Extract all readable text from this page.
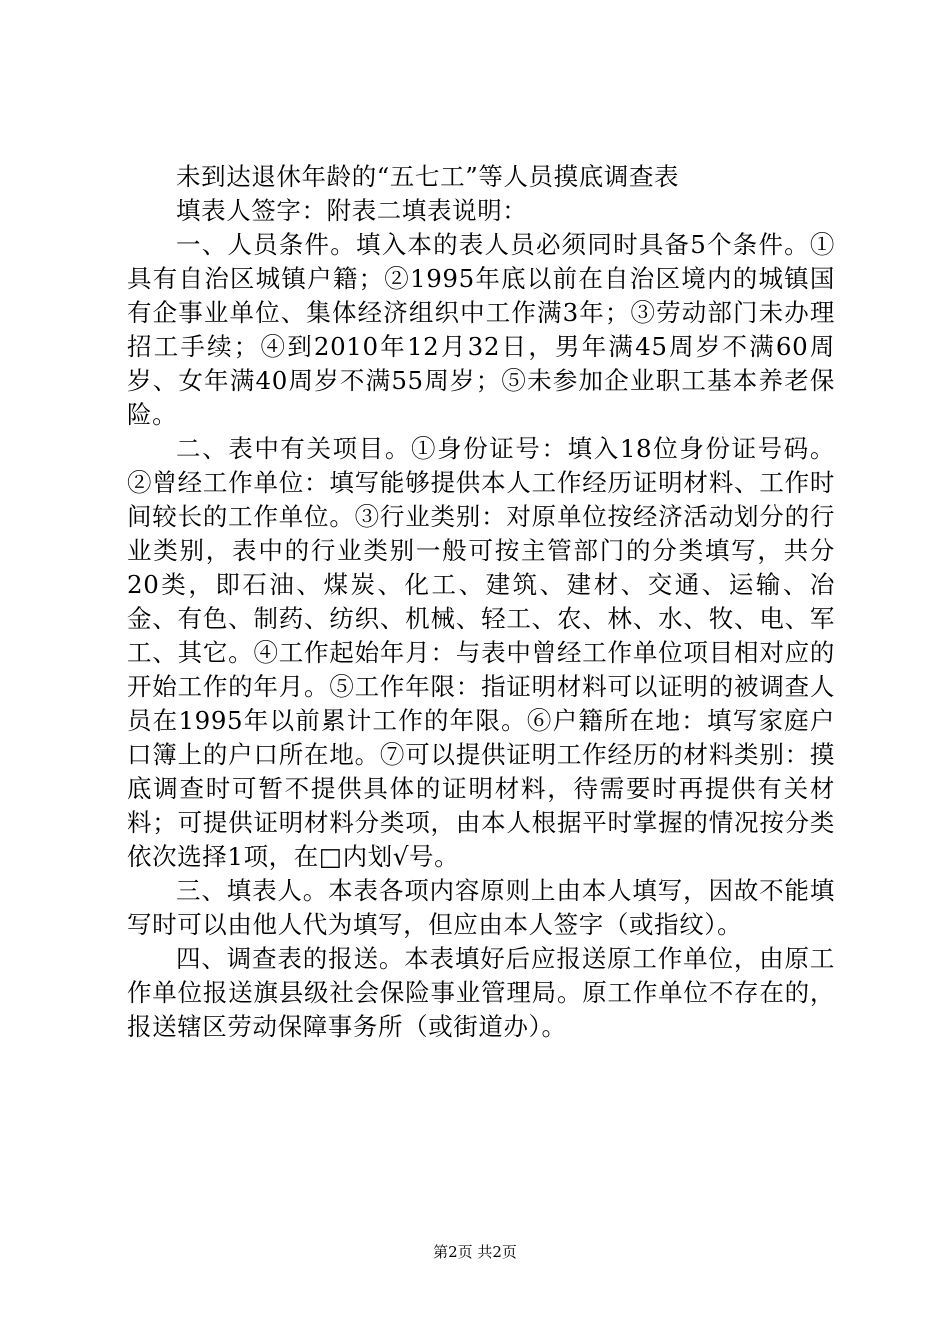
未到达退休年龄的“五七工”等人员摸底调查表

填表人签字：附表二填表说明：

一、人员条件。填入本的表人员必须同时具备5个条件。①具有自治区城镇户籍；②1995年底以前在自治区境内的城镇国有企事业单位、集体经济组织中工作满3年；③劳动部门未办理招工手续；④到2010年12月32日，男年满45周岁不满60周岁、女年满40周岁不满55周岁；⑤未参加企业职工基本养老保险。

二、表中有关项目。①身份证号：填入18位身份证号码。②曾经工作单位：填写能够提供本人工作经历证明材料、工作时间较长的工作单位。③行业类别：对原单位按经济活动划分的行业类别，表中的行业类别一般可按主管部门的分类填写，共分20类，即石油、煤炭、化工、建筑、建材、交通、运输、冶金、有色、制药、纺织、机械、轻工、农、林、水、牧、电、军工、其它。④工作起始年月：与表中曾经工作单位项目相对应的开始工作的年月。⑤工作年限：指证明材料可以证明的被调查人员在1995年以前累计工作的年限。⑥户籍所在地：填写家庭户口簿上的户口所在地。⑦可以提供证明工作经历的材料类别：摸底调查时可暂不提供具体的证明材料，待需要时再提供有关材料；可提供证明材料分类项，由本人根据平时掌握的情况按分类依次选择1项，在□内划√号。

三、填表人。本表各项内容原则上由本人填写，因故不能填写时可以由他人代为填写，但应由本人签字（或指纹）。

四、调查表的报送。本表填好后应报送原工作单位，由原工作单位报送旗县级社会保险事业管理局。原工作单位不存在的，报送辖区劳动保障事务所（或街道办）。

第2页 共2页
